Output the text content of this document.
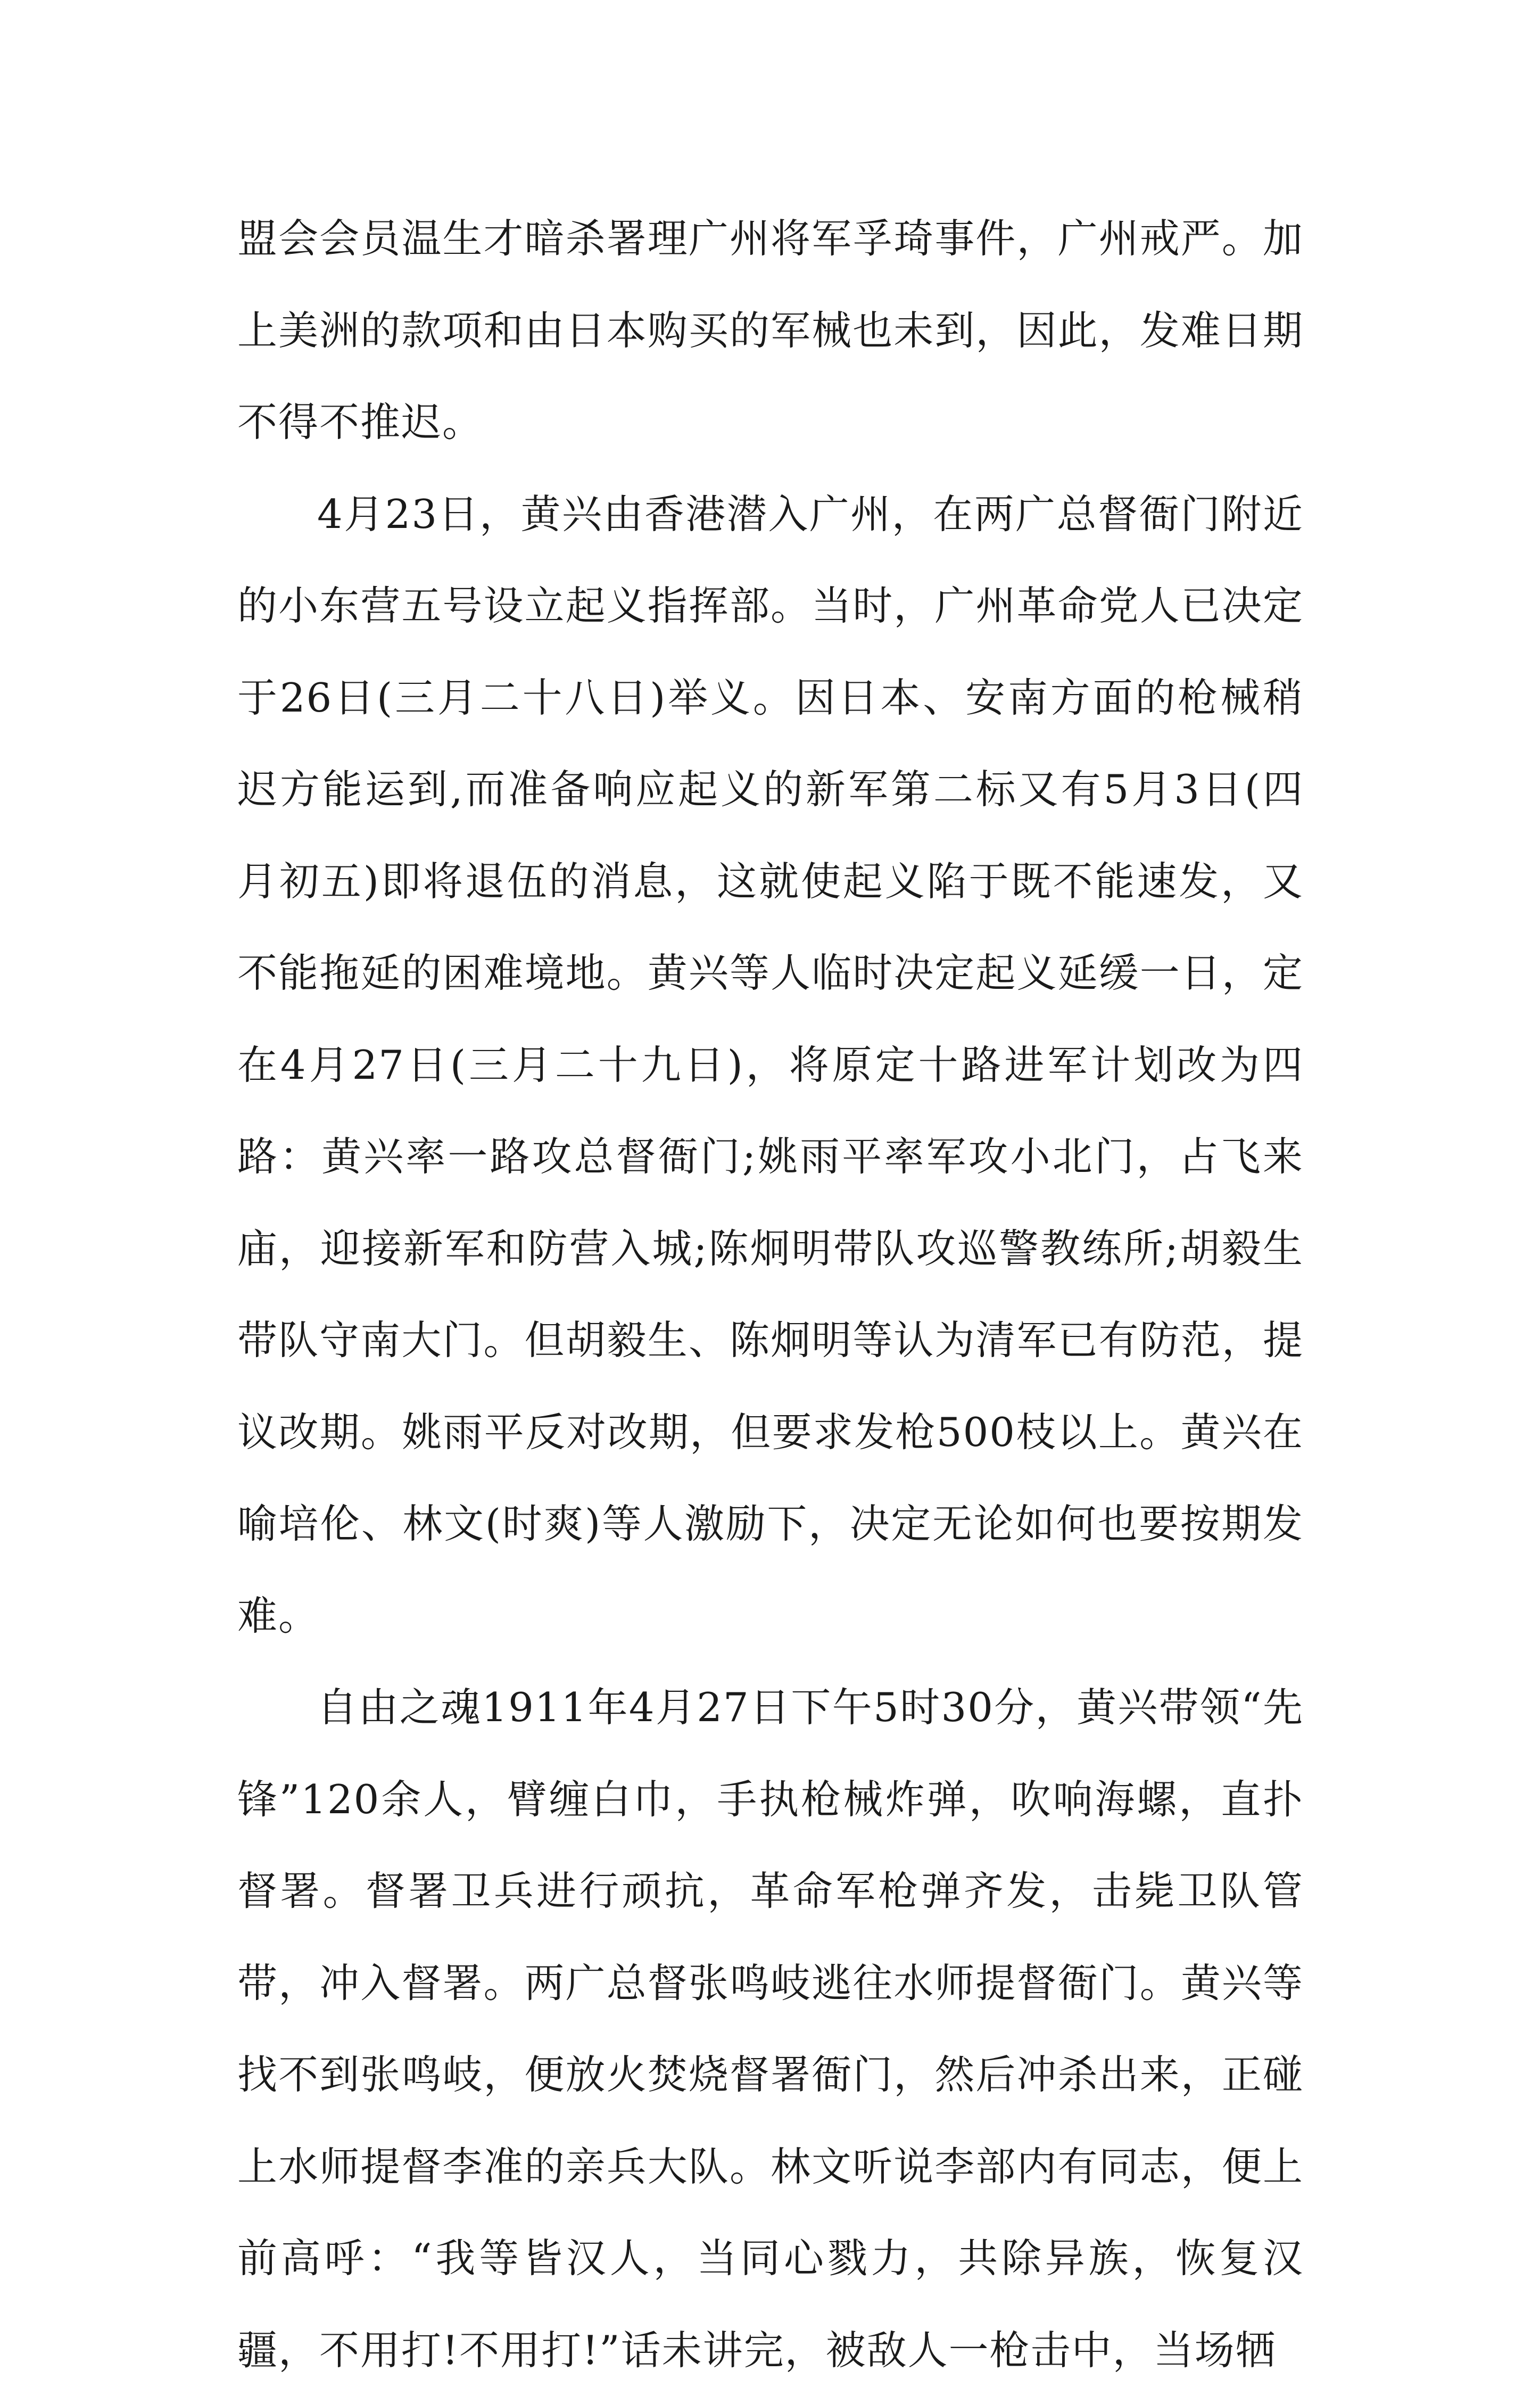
盟会会员温生才暗杀署理广州将军孚琦事件，广州戒严。加上美洲的款项和由日本购买的军械也未到，因此，发难日期不得不推迟。

4月23日，黄兴由香港潜入广州，在两广总督衙门附近的小东营五号设立起义指挥部。当时，广州革命党人已决定于26日(三月二十八日)举义。因日本、安南方面的枪械稍迟方能运到,而准备响应起义的新军第二标又有5月3日(四月初五)即将退伍的消息，这就使起义陷于既不能速发，又不能拖延的困难境地。黄兴等人临时决定起义延缓一日，定在4月27日(三月二十九日)，将原定十路进军计划改为四路：黄兴率一路攻总督衙门;姚雨平率军攻小北门，占飞来庙，迎接新军和防营入城;陈炯明带队攻巡警教练所;胡毅生带队守南大门。但胡毅生、陈炯明等认为清军已有防范，提议改期。姚雨平反对改期，但要求发枪500枝以上。黄兴在喻培伦、林文(时爽)等人激励下，决定无论如何也要按期发难。

自由之魂1911年4月27日下午5时30分，黄兴带领“先锋”120余人，臂缠白巾，手执枪械炸弹，吹响海螺，直扑督署。督署卫兵进行顽抗，革命军枪弹齐发，击毙卫队管带，冲入督署。两广总督张鸣岐逃往水师提督衙门。黄兴等找不到张鸣岐，便放火焚烧督署衙门，然后冲杀出来，正碰上水师提督李准的亲兵大队。林文听说李部内有同志，便上前高呼：“我等皆汉人，当同心戮力，共除异族，恢复汉疆，不用打!不用打!”话未讲完，被敌人一枪击中，当场牺
